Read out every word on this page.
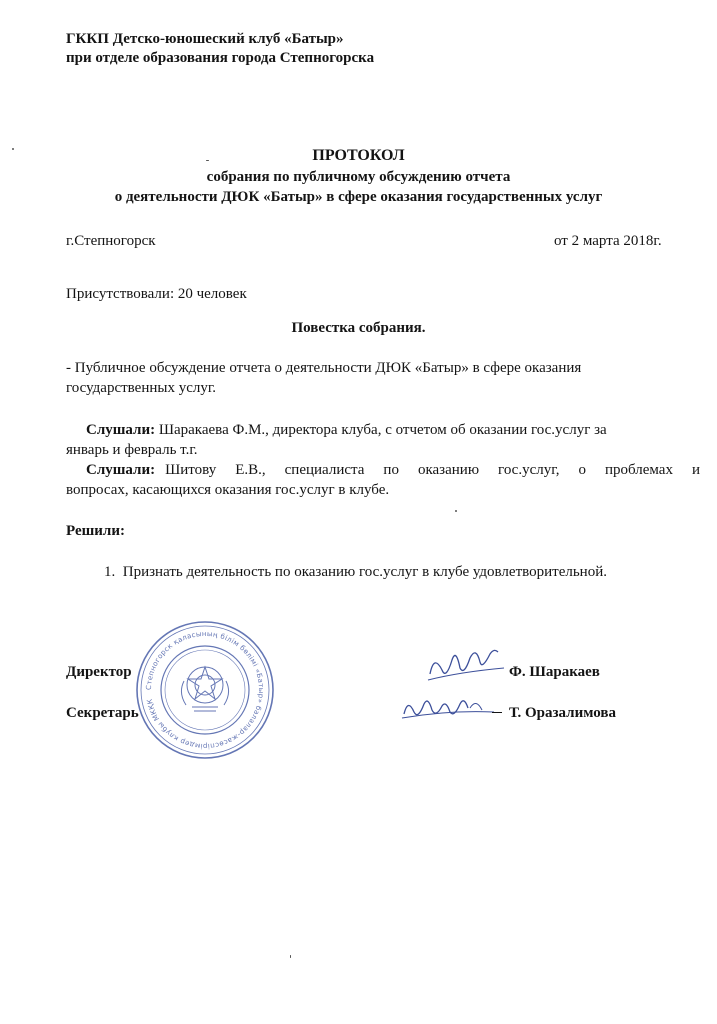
ГККП Детско-юношеский клуб «Батыр»
при отделе образования города Степногорска
ПРОТОКОЛ
собрания по публичному обсуждению отчета
о деятельности ДЮК «Батыр» в сфере оказания государственных услуг
г.Степногорск	от 2 марта 2018г.
Присутствовали: 20 человек
Повестка собрания.
- Публичное обсуждение отчета о деятельности ДЮК «Батыр» в сфере оказания
государственных услуг.
Слушали: Шаракаева Ф.М., директора клуба, с отчетом об оказании гос.услуг за
январь и февраль т.г.
Слушали: Шитову Е.В., специалиста по оказанию гос.услуг, о проблемах и
вопросах, касающихся оказания гос.услуг в клубе.
Решили:
1. Признать деятельность по оказанию гос.услуг в клубе удовлетворительной.
Степногорск қаласының білім бөлімі «Батыр» балалар-жасөспірімдер клубы МКҚК
Директор	Ф. Шаракаев
Секретарь	Т. Оразалимова
